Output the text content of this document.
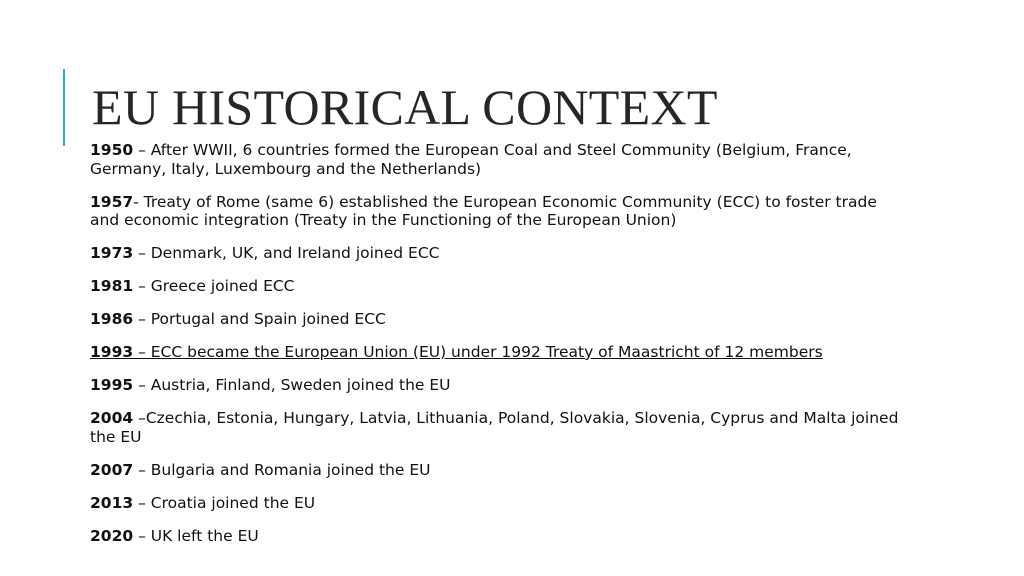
EU HISTORICAL CONTEXT
1950 – After WWII, 6 countries formed the European Coal and Steel Community (Belgium, France, Germany, Italy, Luxembourg and the Netherlands)
1957- Treaty of Rome (same 6) established the European Economic Community (ECC) to foster trade and economic integration (Treaty in the Functioning of the European Union)
1973 – Denmark, UK, and Ireland joined ECC
1981 – Greece joined ECC
1986 – Portugal and Spain joined ECC
1993 – ECC became the European Union (EU) under 1992 Treaty of Maastricht of 12 members
1995 – Austria, Finland, Sweden joined the EU
2004 –Czechia, Estonia, Hungary, Latvia, Lithuania, Poland, Slovakia, Slovenia, Cyprus and Malta joined the EU
2007 – Bulgaria and Romania joined the EU
2013 – Croatia joined the EU
2020 – UK left the EU
